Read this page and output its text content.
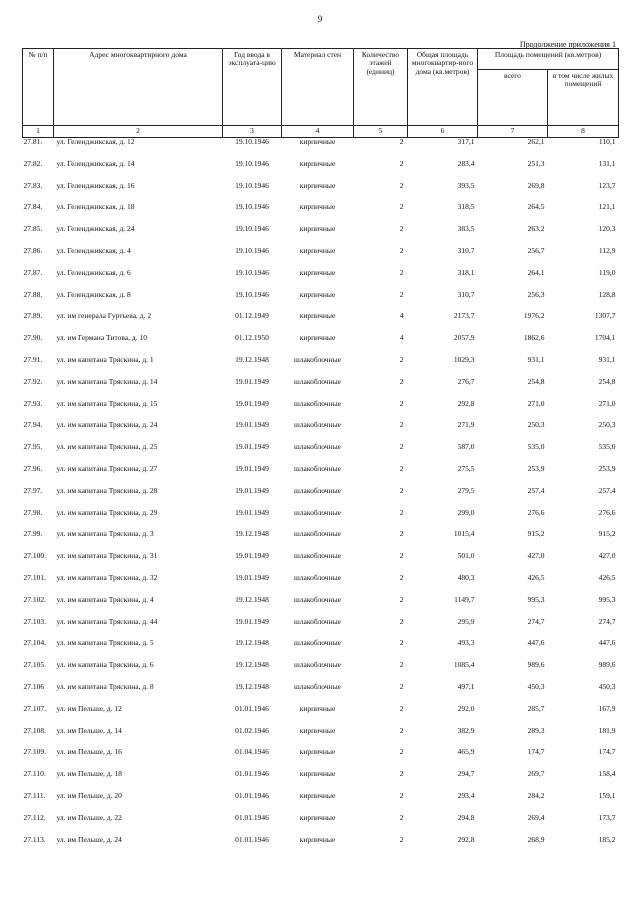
9
Продолжение приложения 1
№ п/п	Адрес многоквартирного дома	Год ввода в эксплуата-цию	Материал стен	Количество этажей (единиц)	Общая площадь многоквартир-ного дома (кв.метров)	Площадь помещений (кв.метров)	
						всего	в том числе жилых помещений
1	2	3	4	5	6	7	8
27.81.	ул. Геленджикская, д. 12	19.10.1946	кирпичные	2	317,1	262,1	110,1
27.82.	ул. Геленджикская, д. 14	19.10.1946	кирпичные	2	283,4	251,3	131,1
27.83.	ул. Геленджикская, д. 16	19.10.1946	кирпичные	2	393,5	269,8	123,7
27.84.	ул. Геленджикская, д. 18	19.10.1946	кирпичные	2	318,5	264,5	121,1
27.85.	ул. Геленджикская, д. 24	19.10.1946	кирпичные	2	383,5	263,2	120,3
27.86.	ул. Геленджикская, д. 4	19.10.1946	кирпичные	2	310,7	256,7	112,9
27.87.	ул. Геленджикская, д. 6	19.10.1946	кирпичные	2	318,1	264,1	119,0
27.88.	ул. Геленджикская, д. 8	19.10.1946	кирпичные	2	310,7	256,3	128,8
27.89.	ул. им генерала Гуртьева, д. 2	01.12.1949	кирпичные	4	2173,7	1976,2	1307,7
27.90.	ул. им Германа Титова, д. 10	01.12.1950	кирпичные	4	2057,9	1862,6	1704,1
27.91.	ул. им капитана Тряскина, д. 1	19.12.1948	шлакоблочные	2	1029,3	931,1	931,1
27.92.	ул. им капитана Тряскина, д. 14	19.01.1949	шлакоблочные	2	276,7	254,8	254,8
27.93.	ул. им капитана Тряскина, д. 15	19.01.1949	шлакоблочные	2	292,8	271,0	271,0
27.94.	ул. им капитана Тряскина, д. 24	19.01.1949	шлакоблочные	2	271,9	250,3	250,3
27.95.	ул. им капитана Тряскина, д. 25	19.01.1949	шлакоблочные	2	587,0	535,0	535,0
27.96.	ул. им капитана Тряскина, д. 27	19.01.1949	шлакоблочные	2	275,5	253,9	253,9
27.97.	ул. им капитана Тряскина, д. 28	19.01.1949	шлакоблочные	2	279,5	257,4	257,4
27.98.	ул. им капитана Тряскина, д. 29	19.01.1949	шлакоблочные	2	299,0	276,6	276,6
27.99.	ул. им капитана Тряскина, д. 3	19.12.1948	шлакоблочные	2	1015,4	915,2	915,2
27.100.	ул. им капитана Тряскина, д. 31	19.01.1949	шлакоблочные	2	501,0	427,0	427,0
27.101.	ул. им капитана Тряскина, д. 32	19.01.1949	шлакоблочные	2	480,3	426,5	426,5
27.102.	ул. им капитана Тряскина, д. 4	19.12.1948	шлакоблочные	2	1149,7	995,3	995,3
27.103.	ул. им капитана Тряскина, д. 44	19.01.1949	шлакоблочные	2	295,9	274,7	274,7
27.104.	ул. им капитана Тряскина, д. 5	19.12.1948	шлакоблочные	2	493,3	447,6	447,6
27.105.	ул. им капитана Тряскина, д. 6	19.12.1948	шлакоблочные	2	1085,4	989,6	989,6
27.106	ул. им капитана Тряскина, д. 8	19.12.1948	шлакоблочные	2	497,1	450,3	450,3
27.107.	ул. им Пельше, д. 12	01.01.1946	кирпичные	2	292,0	285,7	167,9
27.108.	ул. им Пельше, д. 14	01.02.1946	кирпичные	2	382,9	289,3	181,9
27.109.	ул. им Пельше, д. 16	01.04.1946	кирпичные	2	465,9	174,7	174,7
27.110.	ул. им Пельше, д. 18	01.01.1946	кирпичные	2	294,7	269,7	158,4
27.111.	ул. им Пельше, д. 20	01.01.1946	кирпичные	2	293,4	284,2	159,1
27.112.	ул. им Пельше, д. 22	01.01.1946	кирпичные	2	294,8	269,4	173,7
27.113.	ул. им Пельше, д. 24	01.01.1946	кирпичные	2	292,8	268,9	185,2
